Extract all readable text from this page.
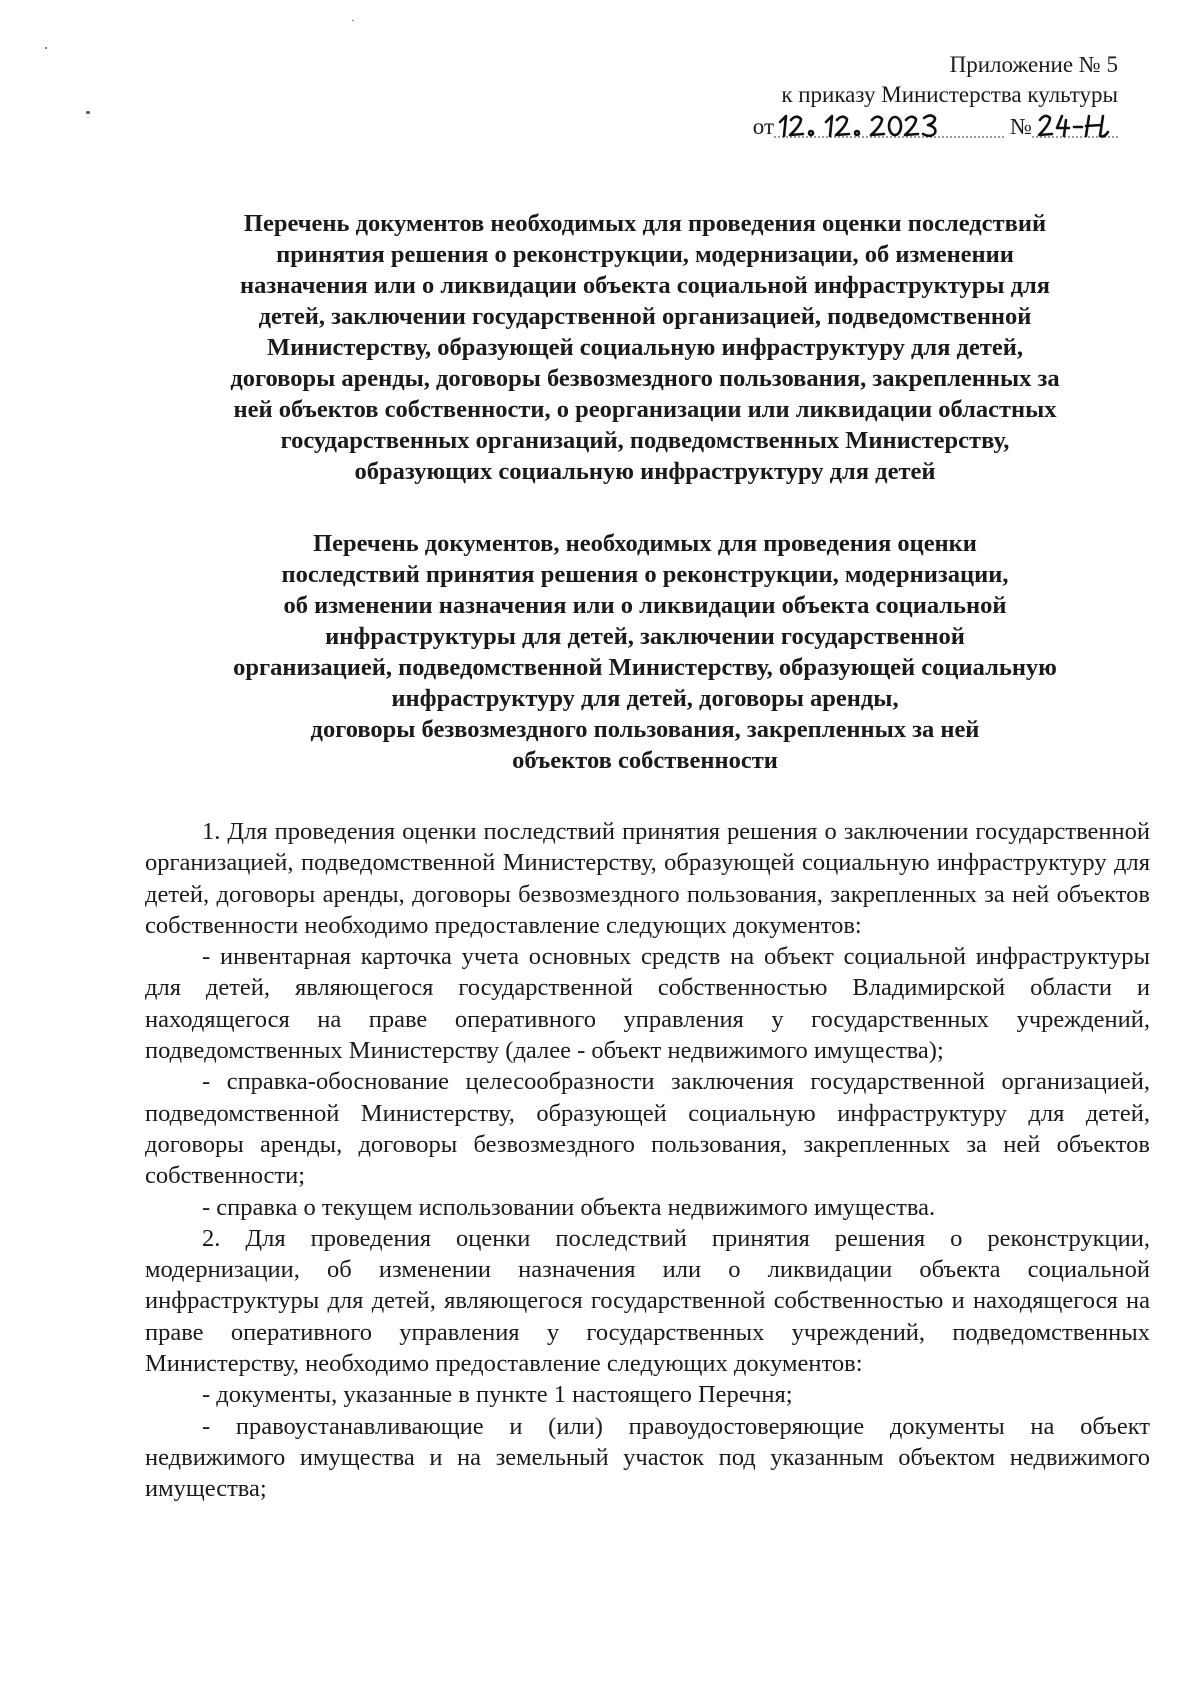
Приложение № 5
к приказу Министерства культуры
от	№
Перечень документов необходимых для проведения оценки последствий
принятия решения о реконструкции, модернизации, об изменении
назначения или о ликвидации объекта социальной инфраструктуры для
детей, заключении государственной организацией, подведомственной
Министерству, образующей социальную инфраструктуру для детей,
договоры аренды, договоры безвозмездного пользования, закрепленных за
ней объектов собственности, о реорганизации или ликвидации областных
государственных организаций, подведомственных Министерству,
образующих социальную инфраструктуру для детей
Перечень документов, необходимых для проведения оценки
последствий принятия решения о реконструкции, модернизации,
об изменении назначения или о ликвидации объекта социальной
инфраструктуры для детей, заключении государственной
организацией, подведомственной Министерству, образующей социальную
инфраструктуру для детей, договоры аренды,
договоры безвозмездного пользования, закрепленных за ней
объектов собственности

1. Для проведения оценки последствий принятия решения о заключении государственной организацией, подведомственной Министерству, образующей социальную инфраструктуру для детей, договоры аренды, договоры безвозмездного пользования, закрепленных за ней объектов собственности необходимо предоставление следующих документов:

- инвентарная карточка учета основных средств на объект социальной инфраструктуры для детей, являющегося государственной собственностью Владимирской области и находящегося на праве оперативного управления у государственных учреждений, подведомственных Министерству (далее - объект недвижимого имущества);

- справка-обоснование целесообразности заключения государственной организацией, подведомственной Министерству, образующей социальную инфраструктуру для детей, договоры аренды, договоры безвозмездного пользования, закрепленных за ней объектов собственности;

- справка о текущем использовании объекта недвижимого имущества.

2. Для проведения оценки последствий принятия решения о реконструкции, модернизации, об изменении назначения или о ликвидации объекта социальной инфраструктуры для детей, являющегося государственной собственностью и находящегося на праве оперативного управления у государственных учреждений, подведомственных Министерству, необходимо предоставление следующих документов:

- документы, указанные в пункте 1 настоящего Перечня;

- правоустанавливающие и (или) правоудостоверяющие документы на объект недвижимого имущества и на земельный участок под указанным объектом недвижимого имущества;
